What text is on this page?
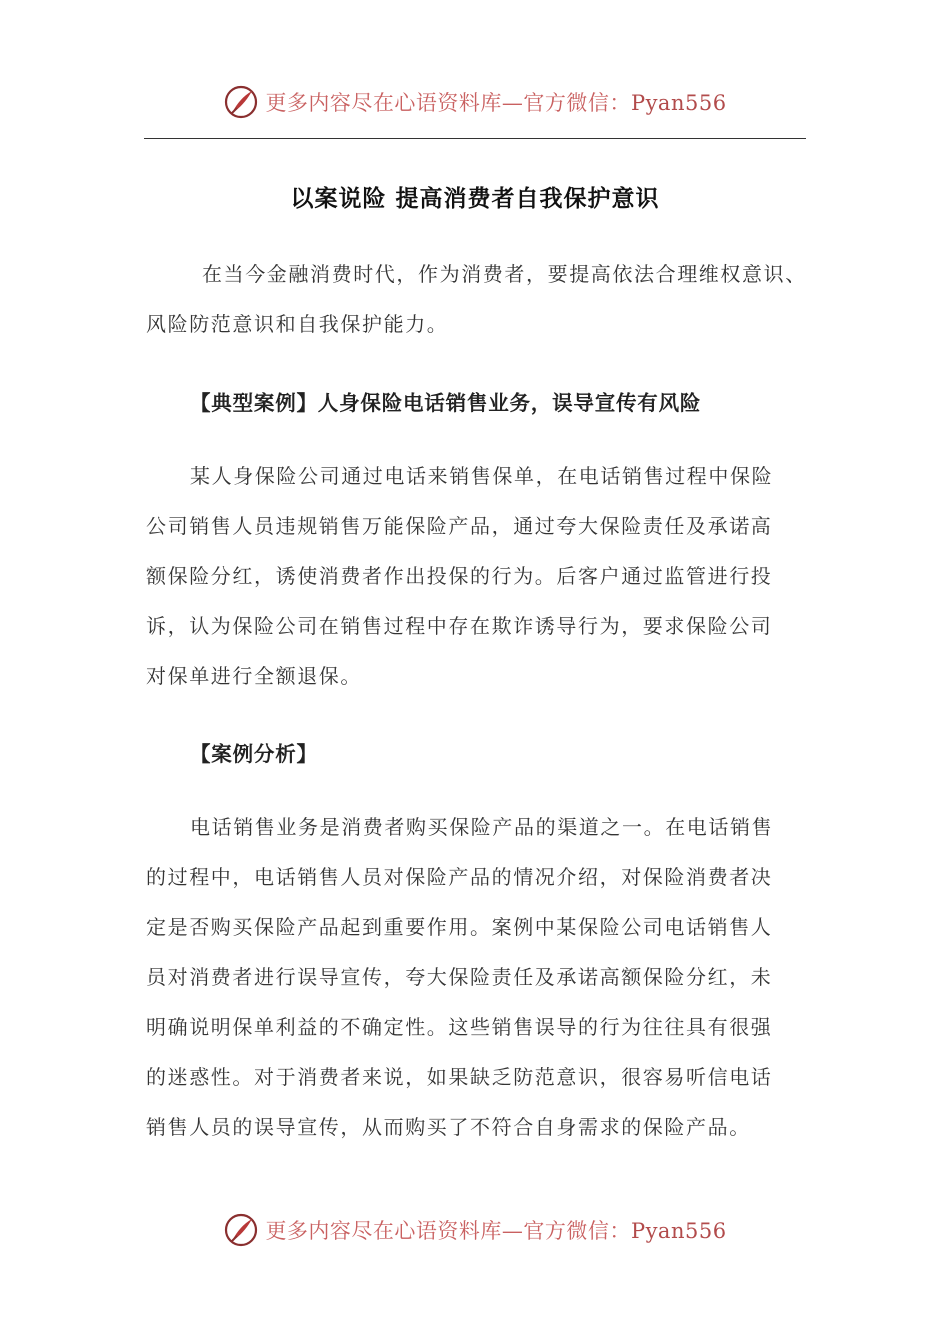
更多内容尽在心语资料库—官方微信：Pyan556
以案说险 提高消费者自我保护意识
在当今金融消费时代，作为消费者，要提高依法合理维权意识、
风险防范意识和自我保护能力。
【典型案例】人身保险电话销售业务，误导宣传有风险
某人身保险公司通过电话来销售保单，在电话销售过程中保险
公司销售人员违规销售万能保险产品，通过夸大保险责任及承诺高
额保险分红，诱使消费者作出投保的行为。后客户通过监管进行投
诉，认为保险公司在销售过程中存在欺诈诱导行为，要求保险公司
对保单进行全额退保。
【案例分析】
电话销售业务是消费者购买保险产品的渠道之一。在电话销售
的过程中，电话销售人员对保险产品的情况介绍，对保险消费者决
定是否购买保险产品起到重要作用。案例中某保险公司电话销售人
员对消费者进行误导宣传，夸大保险责任及承诺高额保险分红，未
明确说明保单利益的不确定性。这些销售误导的行为往往具有很强
的迷惑性。对于消费者来说，如果缺乏防范意识，很容易听信电话
销售人员的误导宣传，从而购买了不符合自身需求的保险产品。
更多内容尽在心语资料库—官方微信：Pyan556
